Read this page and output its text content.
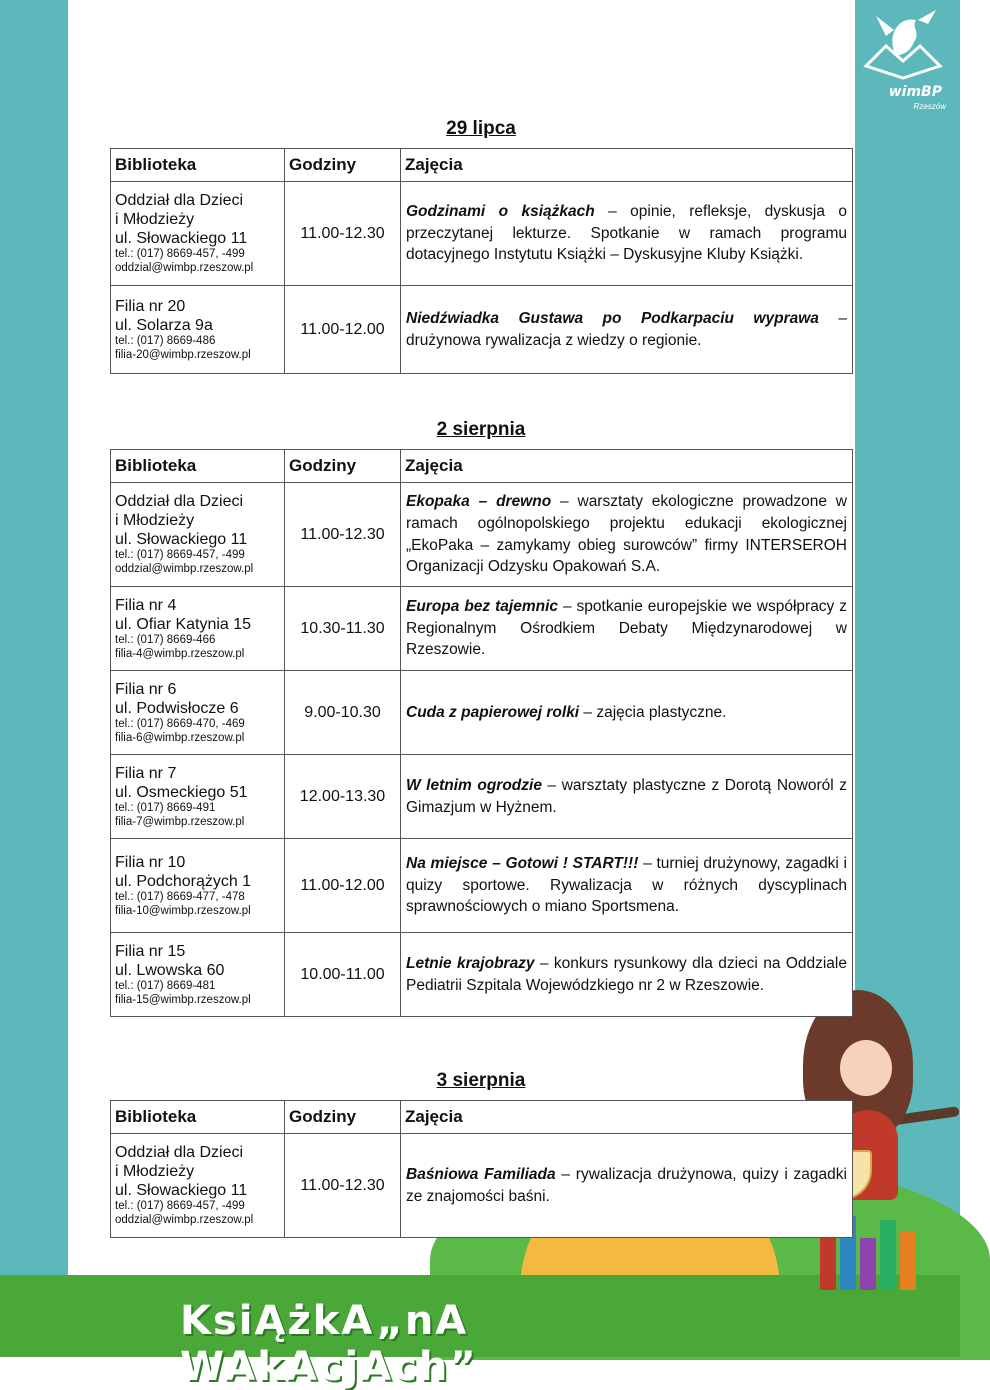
wimBP
Rzeszów
KsiĄżkA„nA WAkAcjAch”
29 lipca
Biblioteka	Godziny	Zajęcia

Oddział dla Dzieci
i Młodzieży
ul. Słowackiego 11
tel.: (017) 8669-457, -499
oddzial@wimbp.rzeszow.pl	11.00-12.30	Godzinami o książkach – opinie, refleksje, dyskusja o przeczytanej lekturze. Spotkanie w ramach programu dotacyjnego Instytutu Książki – Dyskusyjne Kluby Książki.

Filia nr 20
ul. Solarza 9a
tel.: (017) 8669-486
filia-20@wimbp.rzeszow.pl	11.00-12.00	Niedźwiadka Gustawa po Podkarpaciu wyprawa – drużynowa rywalizacja z wiedzy o regionie.
2 sierpnia
Biblioteka	Godziny	Zajęcia

Oddział dla Dzieci
i Młodzieży
ul. Słowackiego 11
tel.: (017) 8669-457, -499
oddzial@wimbp.rzeszow.pl	11.00-12.30	Ekopaka – drewno – warsztaty ekologiczne prowadzone w ramach ogólnopolskiego projektu edukacji ekologicznej „EkoPaka – zamykamy obieg surowców” firmy INTERSEROH Organizacji Odzysku Opakowań S.A.

Filia nr 4
ul. Ofiar Katynia 15
tel.: (017) 8669-466
filia-4@wimbp.rzeszow.pl	10.30-11.30	Europa bez tajemnic – spotkanie europejskie we współpracy z Regionalnym Ośrodkiem Debaty Międzynarodowej w Rzeszowie.

Filia nr 6
ul. Podwisłocze 6
tel.: (017) 8669-470, -469
filia-6@wimbp.rzeszow.pl	9.00-10.30	Cuda z papierowej rolki – zajęcia plastyczne.

Filia nr 7
ul. Osmeckiego 51
tel.: (017) 8669-491
filia-7@wimbp.rzeszow.pl	12.00-13.30	W letnim ogrodzie – warsztaty plastyczne z Dorotą Noworól z Gimazjum w Hyżnem.

Filia nr 10
ul. Podchorążych 1
tel.: (017) 8669-477, -478
filia-10@wimbp.rzeszow.pl	11.00-12.00	Na miejsce – Gotowi ! START!!! – turniej drużynowy, zagadki i quizy sportowe. Rywalizacja w różnych dyscyplinach sprawnościowych o miano Sportsmena.

Filia nr 15
ul. Lwowska 60
tel.: (017) 8669-481
filia-15@wimbp.rzeszow.pl	10.00-11.00	Letnie krajobrazy – konkurs rysunkowy dla dzieci na Oddziale Pediatrii Szpitala Wojewódzkiego nr 2 w Rzeszowie.
3 sierpnia
Biblioteka	Godziny	Zajęcia

Oddział dla Dzieci
i Młodzieży
ul. Słowackiego 11
tel.: (017) 8669-457, -499
oddzial@wimbp.rzeszow.pl	11.00-12.30	Baśniowa Familiada – rywalizacja drużynowa, quizy i zagadki ze znajomości baśni.
